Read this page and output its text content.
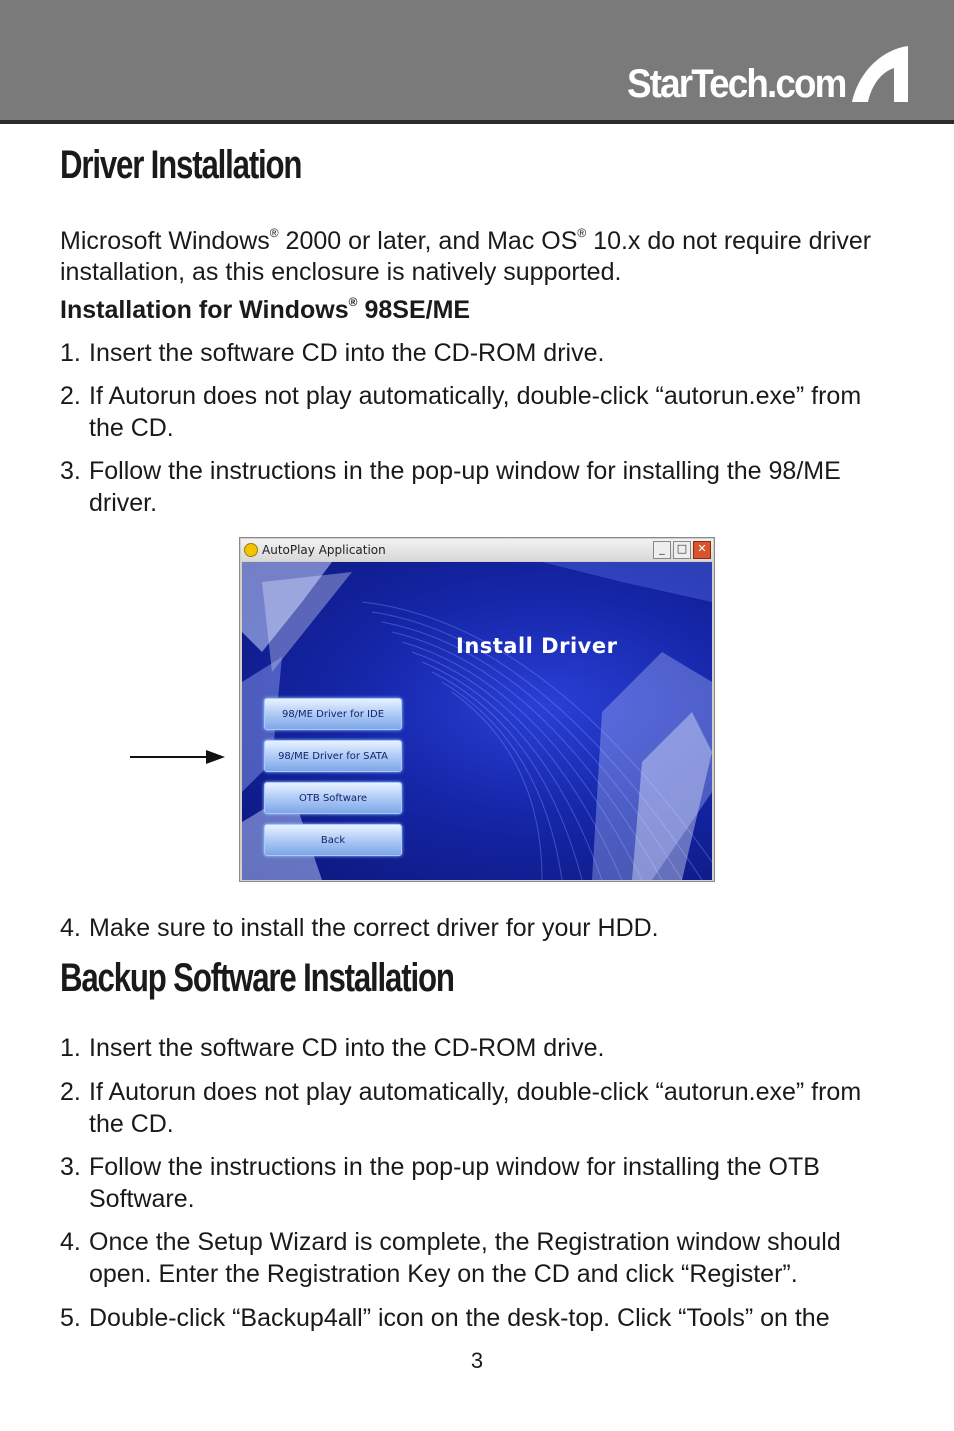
StarTech.com
Driver Installation

Microsoft Windows® 2000 or later, and Mac OS® 10.x do not require driver installation, as this enclosure is natively supported.

Installation for Windows® 98SE/ME

1. Insert the software CD into the CD-ROM drive.
2. If Autorun does not play automatically, double-click “autorun.exe” from the CD.
3. Follow the instructions in the pop-up window for installing the 98/ME driver.
AutoPlay Application	_	□ ✕
Install Driver
98/ME Driver for IDE
98/ME Driver for SATA
OTB Software
Back
4. Make sure to install the correct driver for your HDD.
Backup Software Installation
1. Insert the software CD into the CD-ROM drive.
2. If Autorun does not play automatically, double-click “autorun.exe” from the CD.
3. Follow the instructions in the pop-up window for installing the OTB Software.
4. Once the Setup Wizard is complete, the Registration window should open. Enter the Registration Key on the CD and click “Register”.
5. Double-click “Backup4all” icon on the desk-top. Click “Tools” on the
3
